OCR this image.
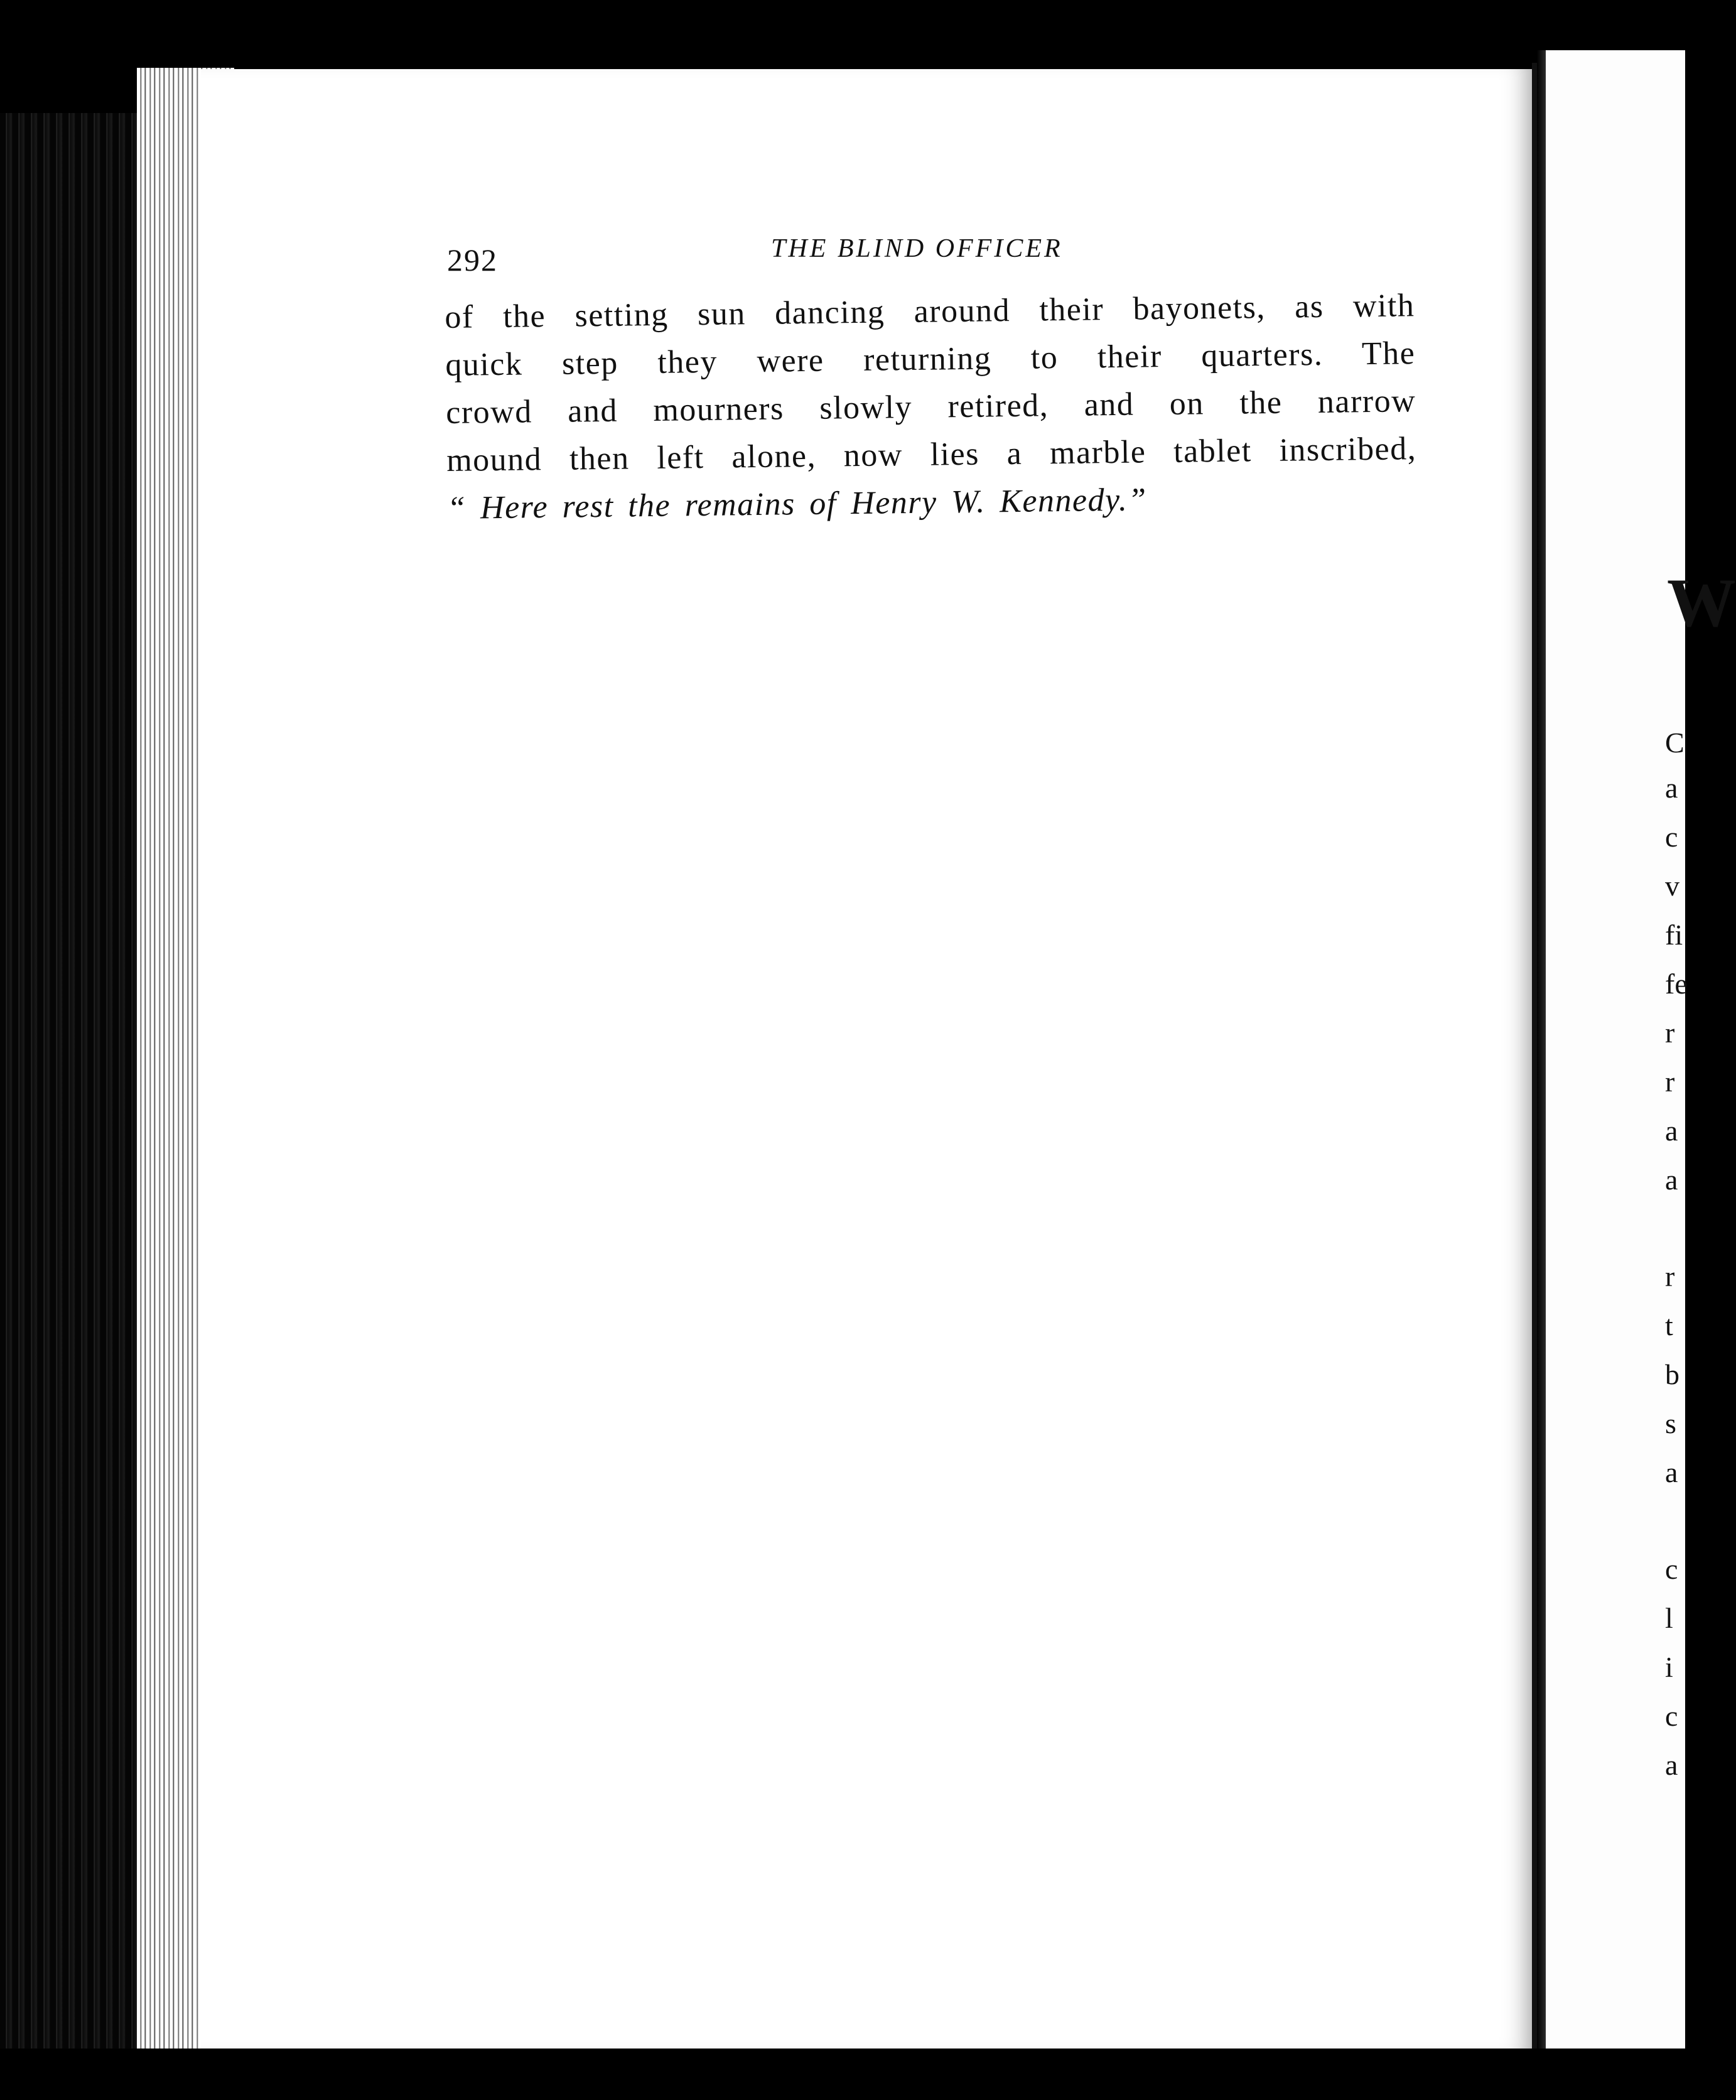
W
C
a
c
v
fi
fe
r
r
a
a
r
t
b
s
a
c
l
i
c
a

292	THE BLIND OFFICER

of the setting sun dancing around their bayonets, as with
quick step they were returning to their quarters. The
crowd and mourners slowly retired, and on the narrow
mound then left alone, now lies a marble tablet inscribed,
“ Here rest the remains of Henry W. Kennedy.”
